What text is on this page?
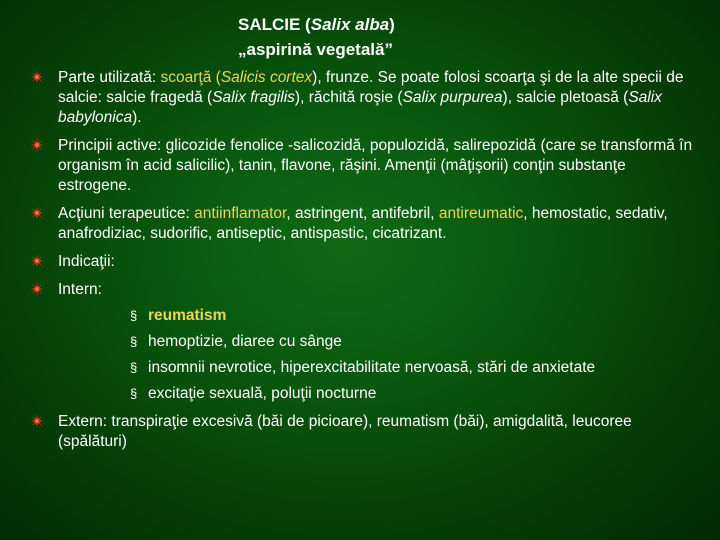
SALCIE (Salix alba)
„aspirină vegetală”
Parte utilizată: scoarţă (Salicis cortex), frunze. Se poate folosi scoarţa şi de la alte specii de salcie: salcie fragedă (Salix fragilis), răchită roşie (Salix purpurea), salcie pletoasă (Salix babylonica).
Principii active: glicozide fenolice -salicozidă, populozidă, salirepozidă (care se transformă în organism în acid salicilic), tanin, flavone, răşini. Amenţii (mâţişorii) conţin substanţe estrogene.
Acţiuni terapeutice: antiinflamator, astringent, antifebril, antireumatic, hemostatic, sedativ, anafrodiziac, sudorific, antiseptic, antispastic, cicatrizant.
Indicaţii:
Intern:
§ reumatism
§ hemoptizie, diaree cu sânge
§ insomnii nevrotice, hiperexcitabilitate nervoasă, stări de anxietate
§ excitaţie sexuală, poluţii nocturne
Extern: transpiraţie excesivă (băi de picioare), reumatism (băi), amigdalită, leucoree (spălături)
